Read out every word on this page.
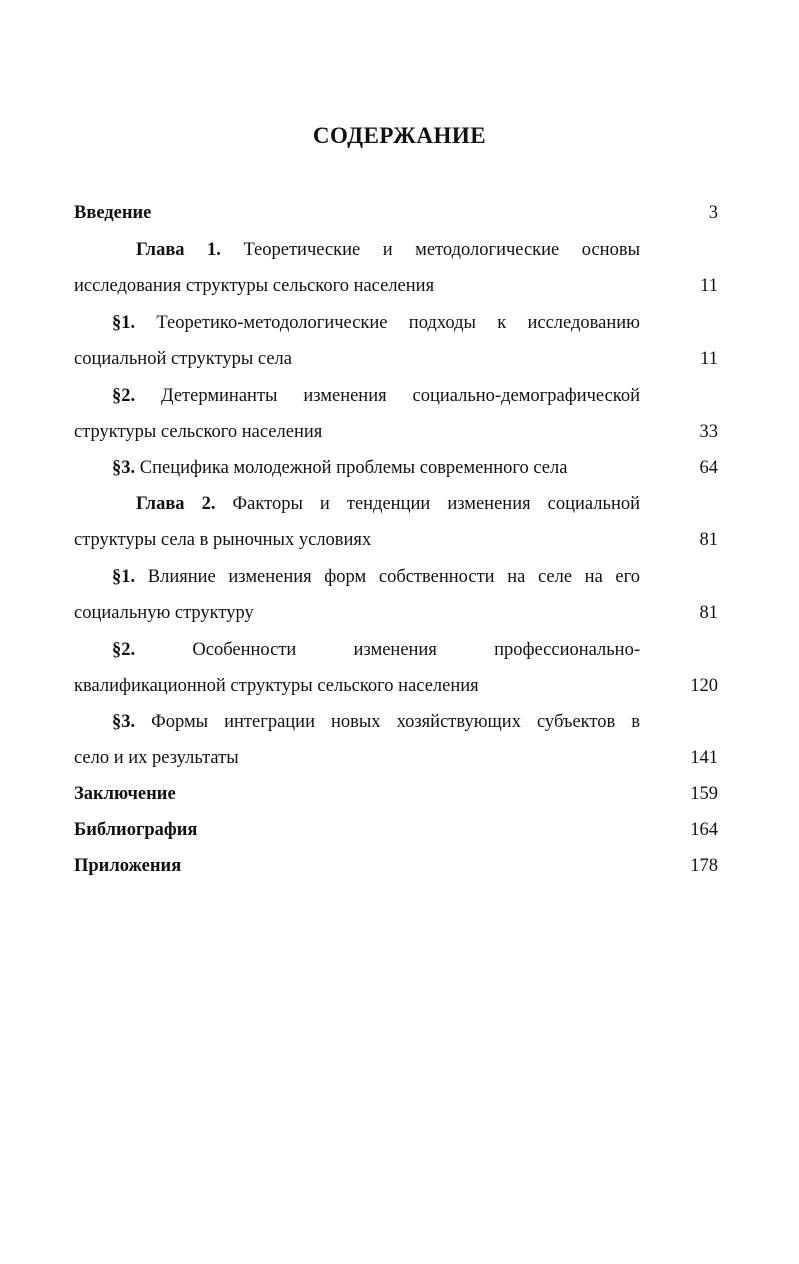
СОДЕРЖАНИЕ
Введение	3
Глава 1. Теоретические и методологические основы
исследования структуры сельского населения	11
§1. Теоретико-методологические подходы к исследованию
социальной структуры села	11
§2. Детерминанты изменения социально-демографической
структуры сельского населения	33
§3. Специфика молодежной проблемы современного села	64
Глава 2. Факторы и тенденции изменения социальной
структуры села в рыночных условиях	81
§1. Влияние изменения форм собственности на селе на его
социальную структуру	81
§2.	Особенности изменения профессионально-
квалификационной структуры сельского населения	120
§3. Формы интеграции новых хозяйствующих субъектов в
село и их результаты	141
Заключение	159
Библиография	164
Приложения	178
